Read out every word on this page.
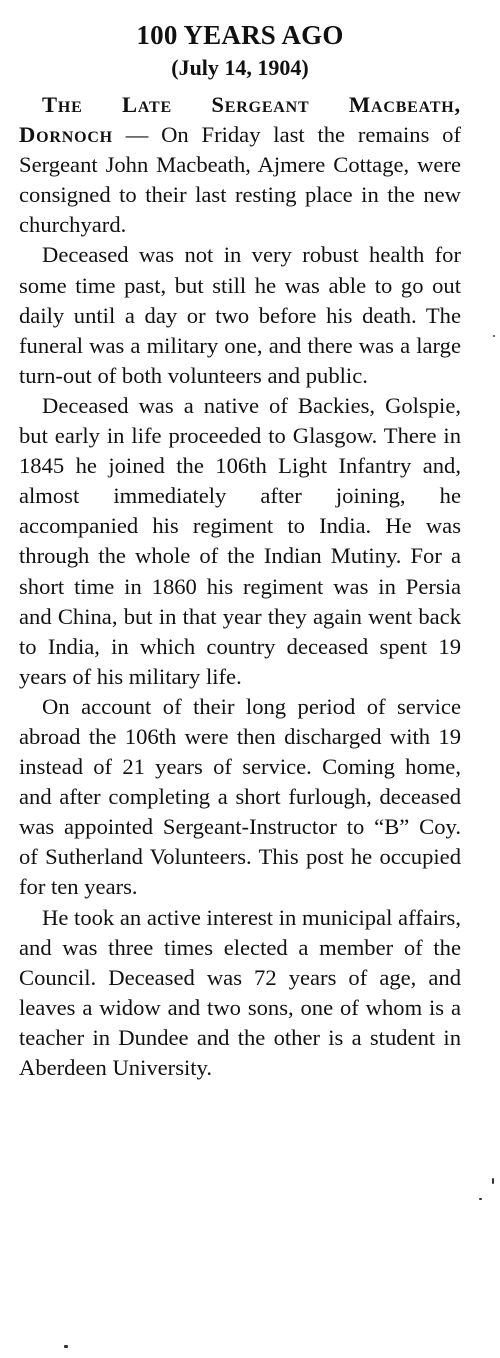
100 YEARS AGO
(July 14, 1904)

The Late Sergeant Macbeath, Dornoch — On Friday last the remains of Sergeant John Macbeath, Ajmere Cottage, were consigned to their last resting place in the new churchyard.

Deceased was not in very robust health for some time past, but still he was able to go out daily until a day or two before his death. The funeral was a military one, and there was a large turn-out of both volunteers and public.

Deceased was a native of Backies, Golspie, but early in life proceeded to Glasgow. There in 1845 he joined the 106th Light Infantry and, almost immediately after joining, he accompanied his regiment to India. He was through the whole of the Indian Mutiny. For a short time in 1860 his regiment was in Persia and China, but in that year they again went back to India, in which country deceased spent 19 years of his military life.

On account of their long period of service abroad the 106th were then discharged with 19 instead of 21 years of service. Coming home, and after completing a short furlough, deceased was appointed Sergeant-Instructor to “B” Coy. of Sutherland Volunteers. This post he occupied for ten years.

He took an active interest in municipal affairs, and was three times elected a member of the Council. Deceased was 72 years of age, and leaves a widow and two sons, one of whom is a teacher in Dundee and the other is a student in Aberdeen University.
